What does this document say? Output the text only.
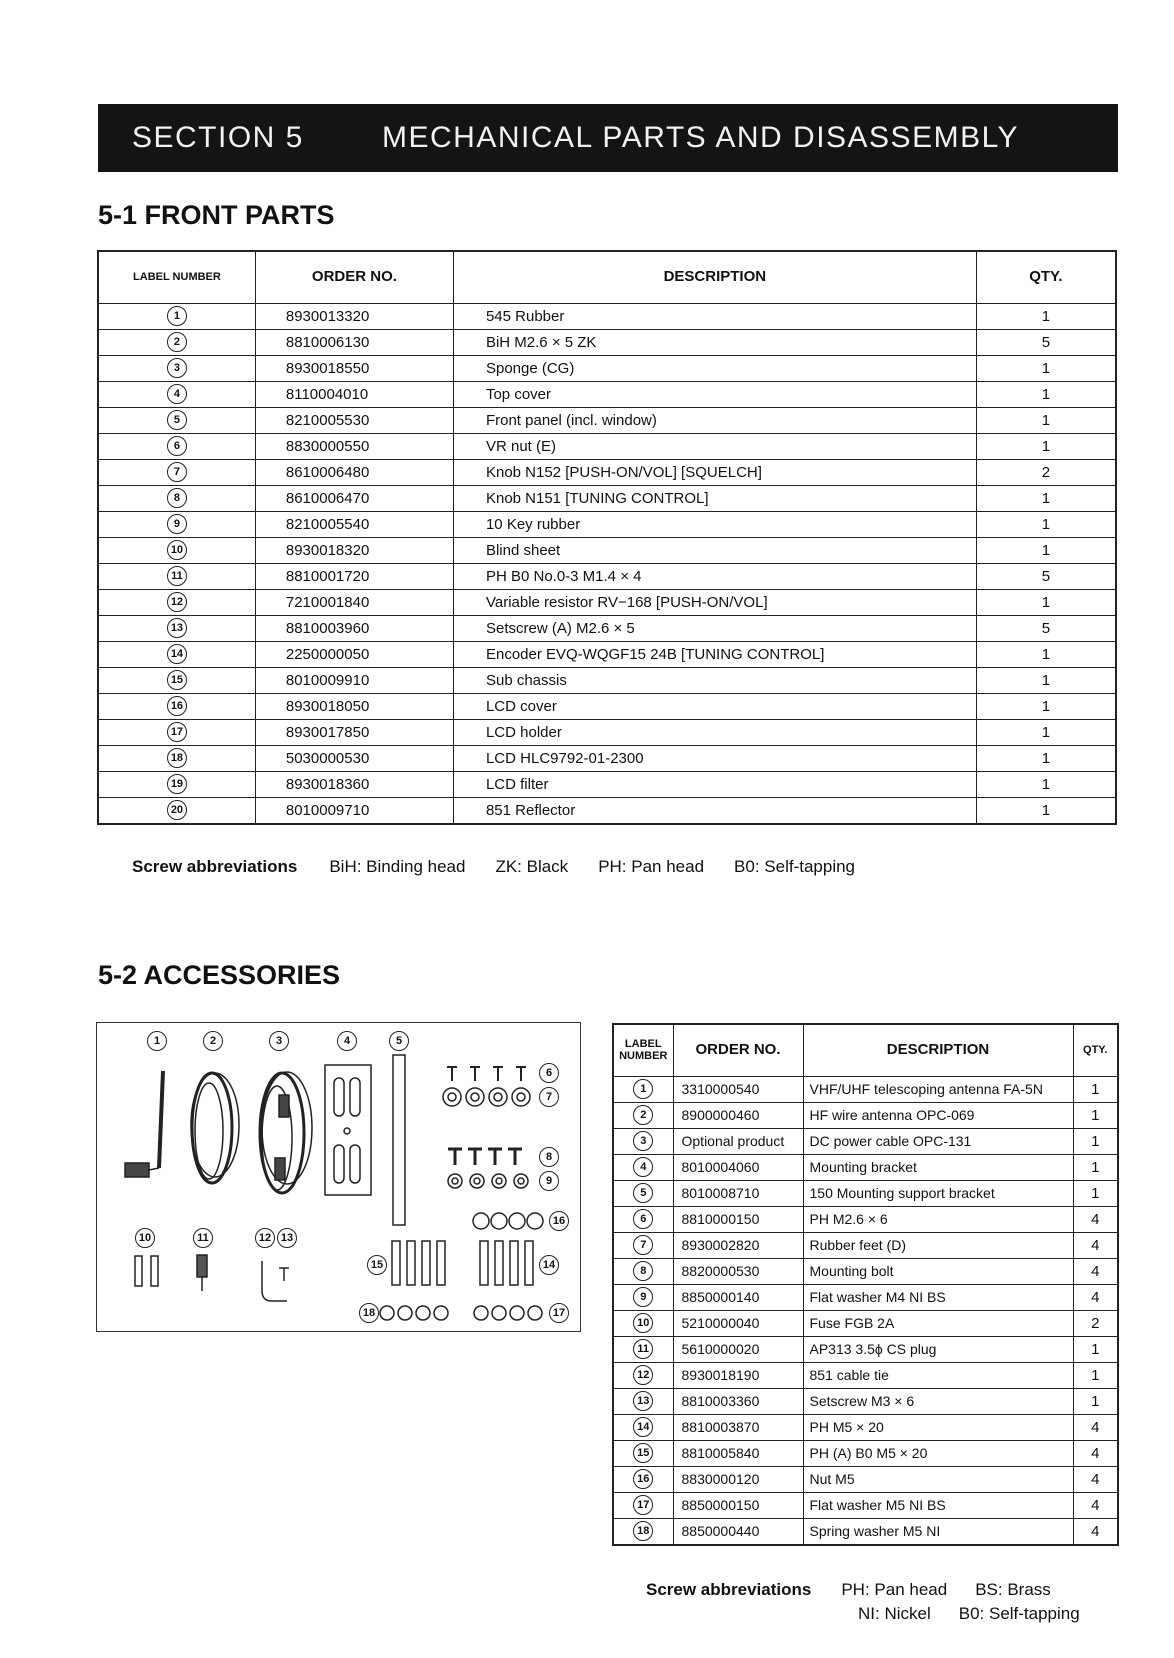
SECTION 5	MECHANICAL PARTS AND DISASSEMBLY
5-1 FRONT PARTS
LABEL NUMBER	ORDER NO.	DESCRIPTION	QTY.
1	8930013320	545 Rubber	1
2	8810006130	BiH M2.6 × 5 ZK	5
3	8930018550	Sponge (CG)	1
4	8110004010	Top cover	1
5	8210005530	Front panel (incl. window)	1
6	8830000550	VR nut (E)	1
7	8610006480	Knob N152 [PUSH-ON/VOL] [SQUELCH]	2
8	8610006470	Knob N151 [TUNING CONTROL]	1
9	8210005540	10 Key rubber	1
10	8930018320	Blind sheet	1
11	8810001720	PH B0 No.0-3 M1.4 × 4	5
12	7210001840	Variable resistor RV−168 [PUSH-ON/VOL]	1
13	8810003960	Setscrew (A) M2.6 × 5	5
14	2250000050	Encoder EVQ-WQGF15 24B [TUNING CONTROL]	1
15	8010009910	Sub chassis	1
16	8930018050	LCD cover	1
17	8930017850	LCD holder	1
18	5030000530	LCD HLC9792-01-2300	1
19	8930018360	LCD filter	1
20	8010009710	851 Reflector	1
Screw abbreviations BiH: Binding head ZK: Black PH: Pan head B0: Self-tapping
5-2 ACCESSORIES
1	2	3	4	5
6
7
8
9
10	11	12 13
14
15
16
17
18
LABEL NUMBER	ORDER NO.	DESCRIPTION	QTY.
1	3310000540	VHF/UHF telescoping antenna FA-5N	1
2	8900000460	HF wire antenna OPC-069	1
3	Optional product	DC power cable OPC-131	1
4	8010004060	Mounting bracket	1
5	8010008710	150 Mounting support bracket	1
6	8810000150	PH M2.6 × 6	4
7	8930002820	Rubber feet (D)	4
8	8820000530	Mounting bolt	4
9	8850000140	Flat washer M4 NI BS	4
10	5210000040	Fuse FGB 2A	2
11	5610000020	AP313 3.5ϕ CS plug	1
12	8930018190	851 cable tie	1
13	8810003360	Setscrew M3 × 6	1
14	8810003870	PH M5 × 20	4
15	8810005840	PH (A) B0 M5 × 20	4
16	8830000120	Nut M5	4
17	8850000150	Flat washer M5 NI BS	4
18	8850000440	Spring washer M5 NI	4
Screw abbreviations PH: Pan head BS: Brass
NI: Nickel B0: Self-tapping
